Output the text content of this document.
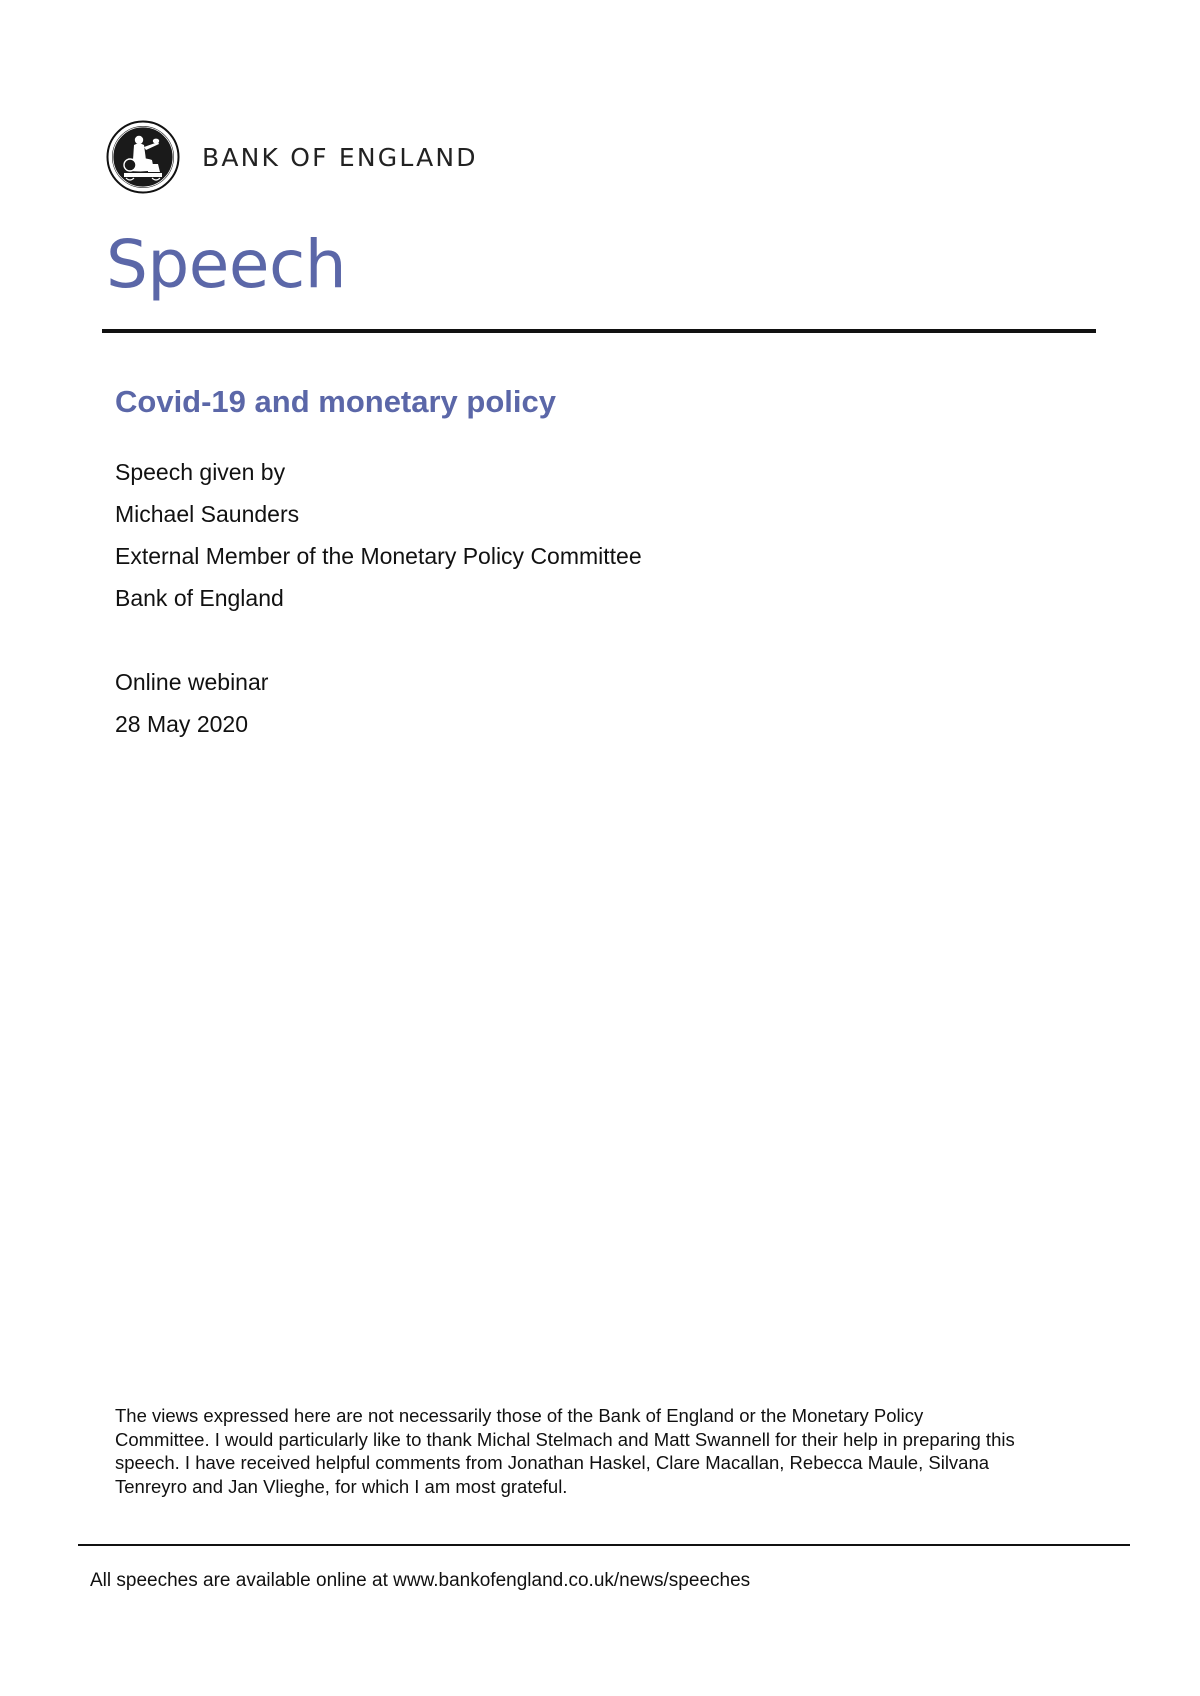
BANK OF ENGLAND
Speech
Covid-19 and monetary policy
Speech given by
Michael Saunders
External Member of the Monetary Policy Committee
Bank of England
Online webinar
28 May 2020

The views expressed here are not necessarily those of the Bank of England or the Monetary Policy Committee. I would particularly like to thank Michal Stelmach and Matt Swannell for their help in preparing this speech. I have received helpful comments from Jonathan Haskel, Clare Macallan, Rebecca Maule, Silvana Tenreyro and Jan Vlieghe, for which I am most grateful.

All speeches are available online at www.bankofengland.co.uk/news/speeches
